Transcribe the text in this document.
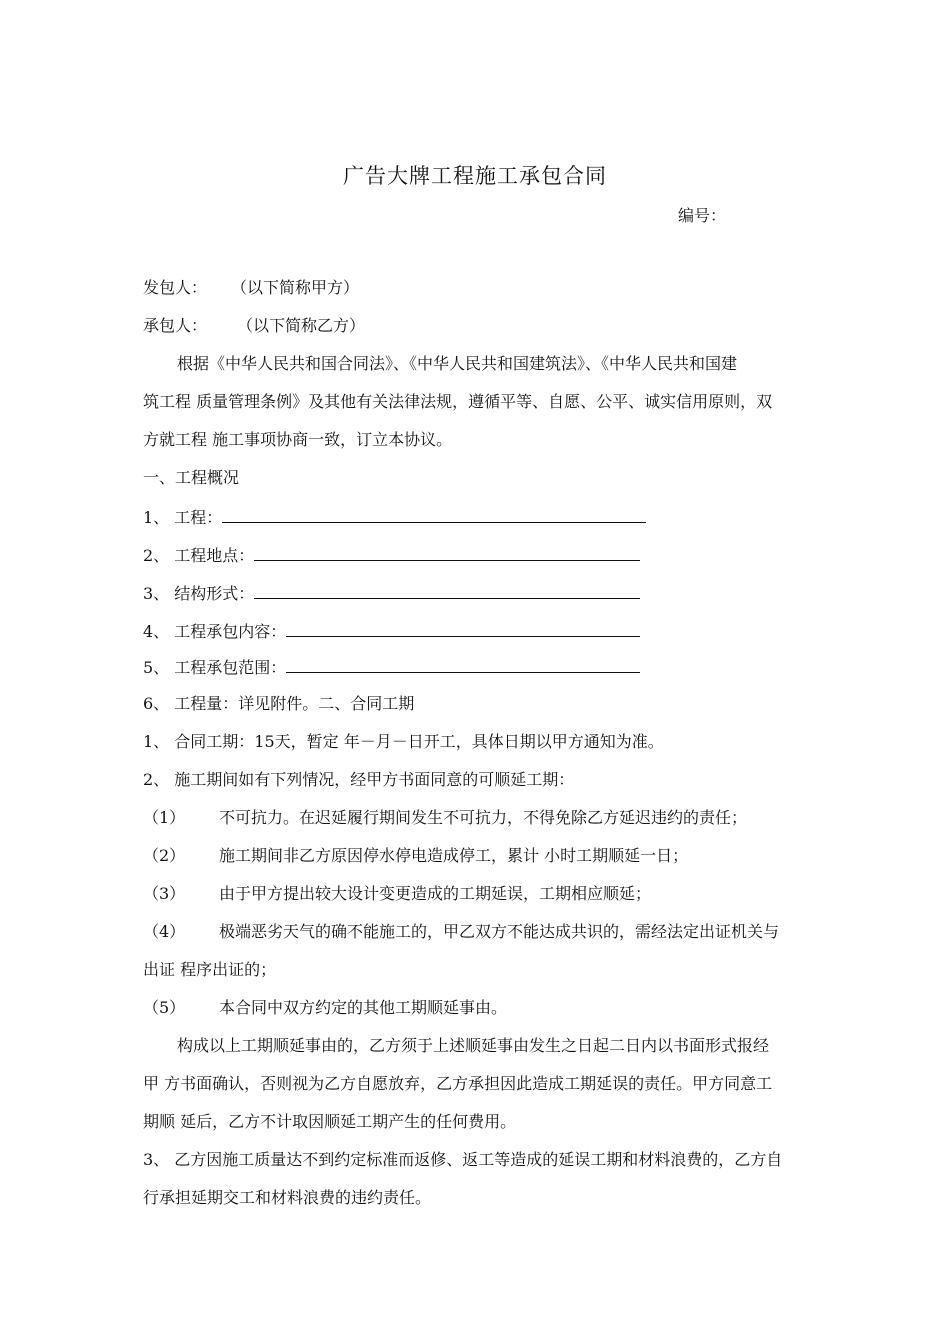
广告大牌工程施工承包合同
编号：
发包人： （以下简称甲方）
承包人： （以下简称乙方）
根据《中华人民共和国合同法》、《中华人民共和国建筑法》、《中华人民共和国建
筑工程 质量管理条例》及其他有关法律法规，遵循平等、自愿、公平、诚实信用原则，双
方就工程 施工事项协商一致，订立本协议。
一、工程概况
1、 工程：
2、 工程地点：
3、 结构形式：
4、 工程承包内容：
5、 工程承包范围：
6、 工程量：详见附件。二、合同工期
1、 合同工期：15天，暂定 年－月－日开工，具体日期以甲方通知为准。
2、 施工期间如有下列情况，经甲方书面同意的可顺延工期：
（1） 不可抗力。在迟延履行期间发生不可抗力，不得免除乙方延迟违约的责任；
（2） 施工期间非乙方原因停水停电造成停工，累计 小时工期顺延一日；
（3） 由于甲方提出较大设计变更造成的工期延误，工期相应顺延；
（4） 极端恶劣天气的确不能施工的，甲乙双方不能达成共识的，需经法定出证机关与
出证 程序出证的；
（5） 本合同中双方约定的其他工期顺延事由。
构成以上工期顺延事由的，乙方须于上述顺延事由发生之日起二日内以书面形式报经
甲 方书面确认，否则视为乙方自愿放弃，乙方承担因此造成工期延误的责任。甲方同意工
期顺 延后，乙方不计取因顺延工期产生的任何费用。
3、 乙方因施工质量达不到约定标准而返修、返工等造成的延误工期和材料浪费的，乙方自
行承担延期交工和材料浪费的违约责任。
